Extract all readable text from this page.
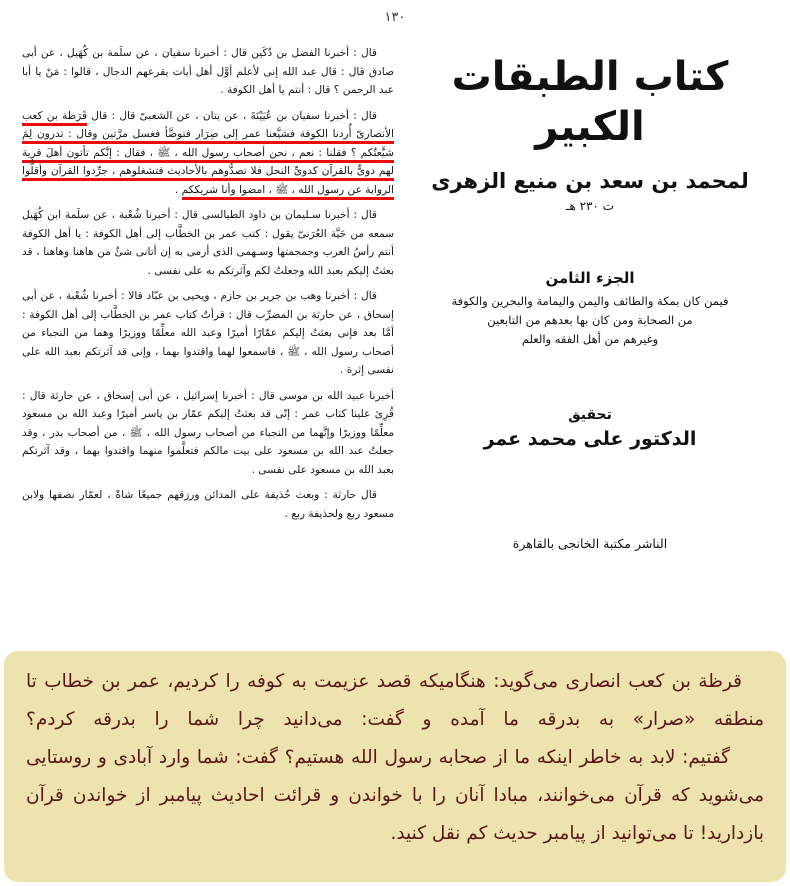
١٣٠

قال : أخبرنا الفضل بن دُكَين قال : أخبرنا سفيان ، عن سلَمة بن كُهَيل ، عن أبى صادق قال : قال عبد الله إنى لأعلم أوَّل أهل أيات يقرعهم الدجال ، قالوا : مَنْ يا أبا عبد الرحمن ؟ قال : أنتم يا أهل الكوفة .

قال : أخبرنا سفيان بن عُيَيْنَةَ ، عن يتان ، عن الشعبىّ قال : قال قَرَظة بن كعب الأنصارىّ أُردنا الكوفة فشيَّعنا عمر إلى صِرَار فتوضَّأ فغسل مرَّتين وقال : تدرون لِمَ شيَّعتُكم ؟ فقلنا : نعم ، نحن أصحاب رسول الله ، ﷺ ، فقال : إنَّكم تأتون أهلَ قرية لهم دوىٌّ بالقرآن كدوىِّ النحل فلا تصدُّوهم بالأحاديث فتشغلوهم ، جرِّدوا القرآن وأقلُّوا الرواية عن رسول الله ، ﷺ ، امضوا وأنا شريككم .

قال : أخبرنا سـليمان بن داود الطيالسى قال : أخبرنا شُعْبة ، عن سلَمة ابن كُهَيل سمعه من حَيَّة العُرَنىّ يقول : كتب عمر بن الخطَّاب إلى أهل الكوفة : يا أهل الكوفة أنتم رأسُ العرب وجمجمتها وسـهمى الذى أرمى به إن أتانى شئٌ من هاهنا وهاهنا ، قد بعثتُ إليكم بعبد الله وجعلتُ لكم وآثرتكم به على نفسى .

قال : أخبرنا وهب بن جرير بن حازم ، ويحيى بن عبّاد قالا : أخبرنا شُعْبة ، عن أبى إسحاق ، عن حارثة بن المضرِّب قال : قرأتُ كتاب عمر بن الخطَّاب إلى أهل الكوفة : أمَّا بعد فإنى بعثتُ إليكم عمّارًا أميرًا وعبد الله معلِّمًا ووزيرًا وهما من النجباء من أصحاب رسول الله ، ﷺ ، فاسمعوا لهما واقتدوا بهما ، وإنى قد آثرتكم بعبد الله على نفسى إثرة .

أخبرنا عبيد الله بن موسى قال : أخبرنا إسرائيل ، عن أبى إسحاق ، عن حارثة قال : قُرِئ علينا كتاب عمر : إنّى قد بعثتُ إليكم عمّار بن ياسر أميرًا وعبد الله بن مسعود معلِّمًا ووزيرًا وإنَّهما من النجباء من أصحاب رسول الله ، ﷺ ، من أصحاب بدر ، وقد جعلتُ عبد الله بن مسعود على بيت مالكم فتعلَّموا منهما واقتدوا بهما ، وقد آثرتكم بعبد الله بن مسعود على نفسى .

قال حارثة : وبعث حُذيفة على المدائن ورزقهم جميعًا شاةً ، لعمّار نصفها ولابن مسعود ربع ولحذيفة ربع .

كتاب الطبقات الكبير
لمحمد بن سعد بن منيع الزهرى
ت ٢٣٠ هـ
الجزء الثامن
فيمن كان بمكة والطائف واليمن واليمامة والبحرين والكوفة
من الصحابة ومن كان بها بعدهم من التابعين
وغيرهم من أهل الفقه والعلم
تحقيق
الدكتور على محمد عمر
الناشر مكتبة الخانجى بالقاهرة

قرظة بن کعب انصارى مى‌گويد: هنگاميکه قصد عزيمت به کوفه را کرديم، عمر بن خطاب تا منطقه «صرار» به بدرقه ما آمده و گفت: مى‌دانيد چرا شما را بدرقه کردم؟

گفتيم: لابد به خاطر اينکه ما از صحابه رسول الله هستيم؟ گفت: شما وارد آبادى و روستايى مى‌شويد که قرآن مى‌خوانند، مبادا آنان را با خواندن و قرائت احاديث پيامبر از خواندن قرآن بازداريد! تا مى‌توانيد از پيامبر حديث کم نقل کنيد.
